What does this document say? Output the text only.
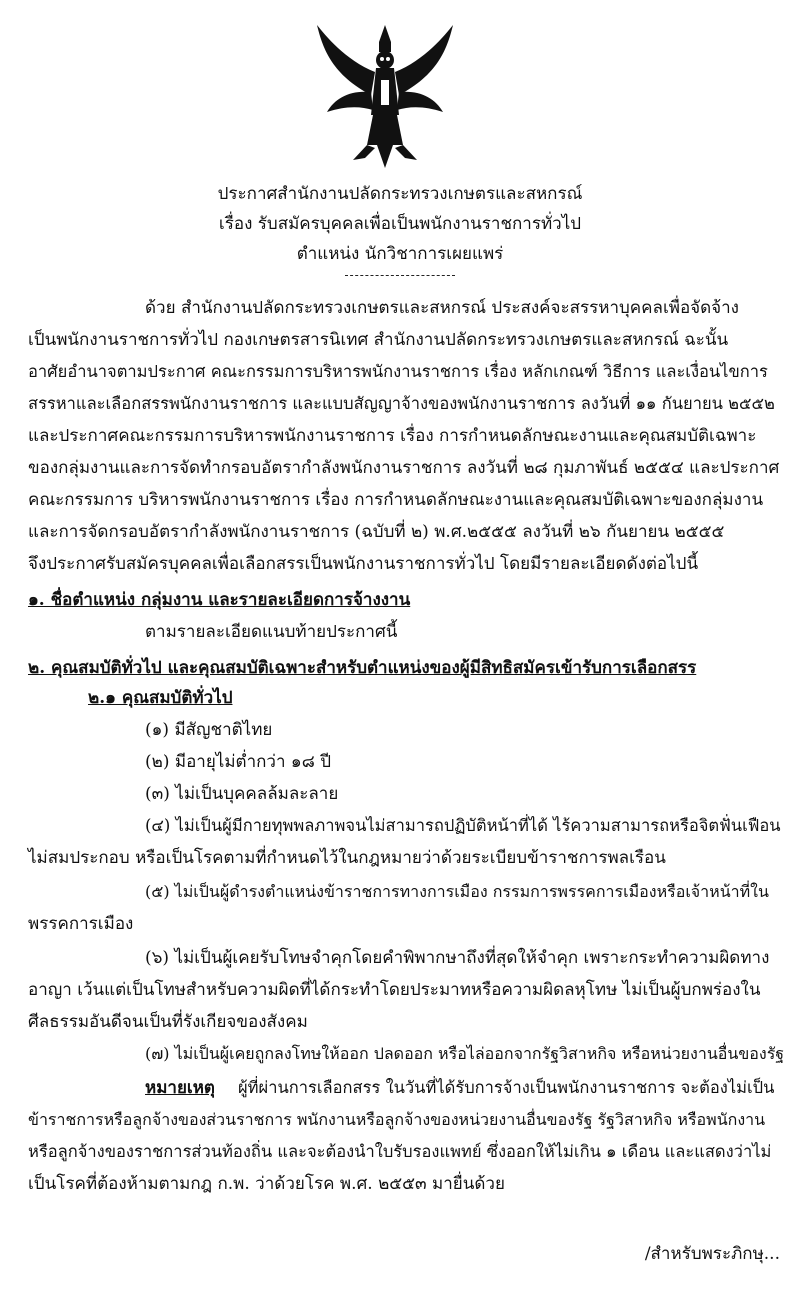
ประกาศสำนักงานปลัดกระทรวงเกษตรและสหกรณ์
เรื่อง รับสมัครบุคคลเพื่อเป็นพนักงานราชการทั่วไป
ตำแหน่ง นักวิชาการเผยแพร่
ด้วย สำนักงานปลัดกระทรวงเกษตรและสหกรณ์ ประสงค์จะสรรหาบุคคลเพื่อจัดจ้าง
เป็นพนักงานราชการทั่วไป กองเกษตรสารนิเทศ สำนักงานปลัดกระทรวงเกษตรและสหกรณ์ ฉะนั้น
อาศัยอำนาจตามประกาศ คณะกรรมการบริหารพนักงานราชการ เรื่อง หลักเกณฑ์ วิธีการ และเงื่อนไขการ
สรรหาและเลือกสรรพนักงานราชการ และแบบสัญญาจ้างของพนักงานราชการ ลงวันที่ ๑๑ กันยายน ๒๕๕๒
และประกาศคณะกรรมการบริหารพนักงานราชการ เรื่อง การกำหนดลักษณะงานและคุณสมบัติเฉพาะ
ของกลุ่มงานและการจัดทำกรอบอัตรากำลังพนักงานราชการ ลงวันที่ ๒๘ กุมภาพันธ์ ๒๕๕๔ และประกาศ
คณะกรรมการ บริหารพนักงานราชการ เรื่อง การกำหนดลักษณะงานและคุณสมบัติเฉพาะของกลุ่มงาน
และการจัดกรอบอัตรากำลังพนักงานราชการ (ฉบับที่ ๒) พ.ศ.๒๕๕๕ ลงวันที่ ๒๖ กันยายน ๒๕๕๕
จึงประกาศรับสมัครบุคคลเพื่อเลือกสรรเป็นพนักงานราชการทั่วไป โดยมีรายละเอียดดังต่อไปนี้
๑. ชื่อตำแหน่ง กลุ่มงาน และรายละเอียดการจ้างงาน
ตามรายละเอียดแนบท้ายประกาศนี้
๒. คุณสมบัติทั่วไป และคุณสมบัติเฉพาะสำหรับตำแหน่งของผู้มีสิทธิสมัครเข้ารับการเลือกสรร
๒.๑ คุณสมบัติทั่วไป
(๑) มีสัญชาติไทย
(๒) มีอายุไม่ต่ำกว่า ๑๘ ปี
(๓) ไม่เป็นบุคคลล้มละลาย
(๔) ไม่เป็นผู้มีกายทุพพลภาพจนไม่สามารถปฏิบัติหน้าที่ได้ ไร้ความสามารถหรือจิตฟั่นเฟือน
ไม่สมประกอบ หรือเป็นโรคตามที่กำหนดไว้ในกฎหมายว่าด้วยระเบียบข้าราชการพลเรือน
(๕) ไม่เป็นผู้ดำรงตำแหน่งข้าราชการทางการเมือง กรรมการพรรคการเมืองหรือเจ้าหน้าที่ใน
พรรคการเมือง
(๖) ไม่เป็นผู้เคยรับโทษจำคุกโดยคำพิพากษาถึงที่สุดให้จำคุก เพราะกระทำความผิดทาง
อาญา เว้นแต่เป็นโทษสำหรับความผิดที่ได้กระทำโดยประมาทหรือความผิดลหุโทษ ไม่เป็นผู้บกพร่องใน
ศีลธรรมอันดีจนเป็นที่รังเกียจของสังคม
(๗) ไม่เป็นผู้เคยถูกลงโทษให้ออก ปลดออก หรือไล่ออกจากรัฐวิสาหกิจ หรือหน่วยงานอื่นของรัฐ
หมายเหตุ ผู้ที่ผ่านการเลือกสรร ในวันที่ได้รับการจ้างเป็นพนักงานราชการ จะต้องไม่เป็น
ข้าราชการหรือลูกจ้างของส่วนราชการ พนักงานหรือลูกจ้างของหน่วยงานอื่นของรัฐ รัฐวิสาหกิจ หรือพนักงาน
หรือลูกจ้างของราชการส่วนท้องถิ่น และจะต้องนำใบรับรองแพทย์ ซึ่งออกให้ไม่เกิน ๑ เดือน และแสดงว่าไม่
เป็นโรคที่ต้องห้ามตามกฎ ก.พ. ว่าด้วยโรค พ.ศ. ๒๕๕๓ มายื่นด้วย
/สำหรับพระภิกษุ...
